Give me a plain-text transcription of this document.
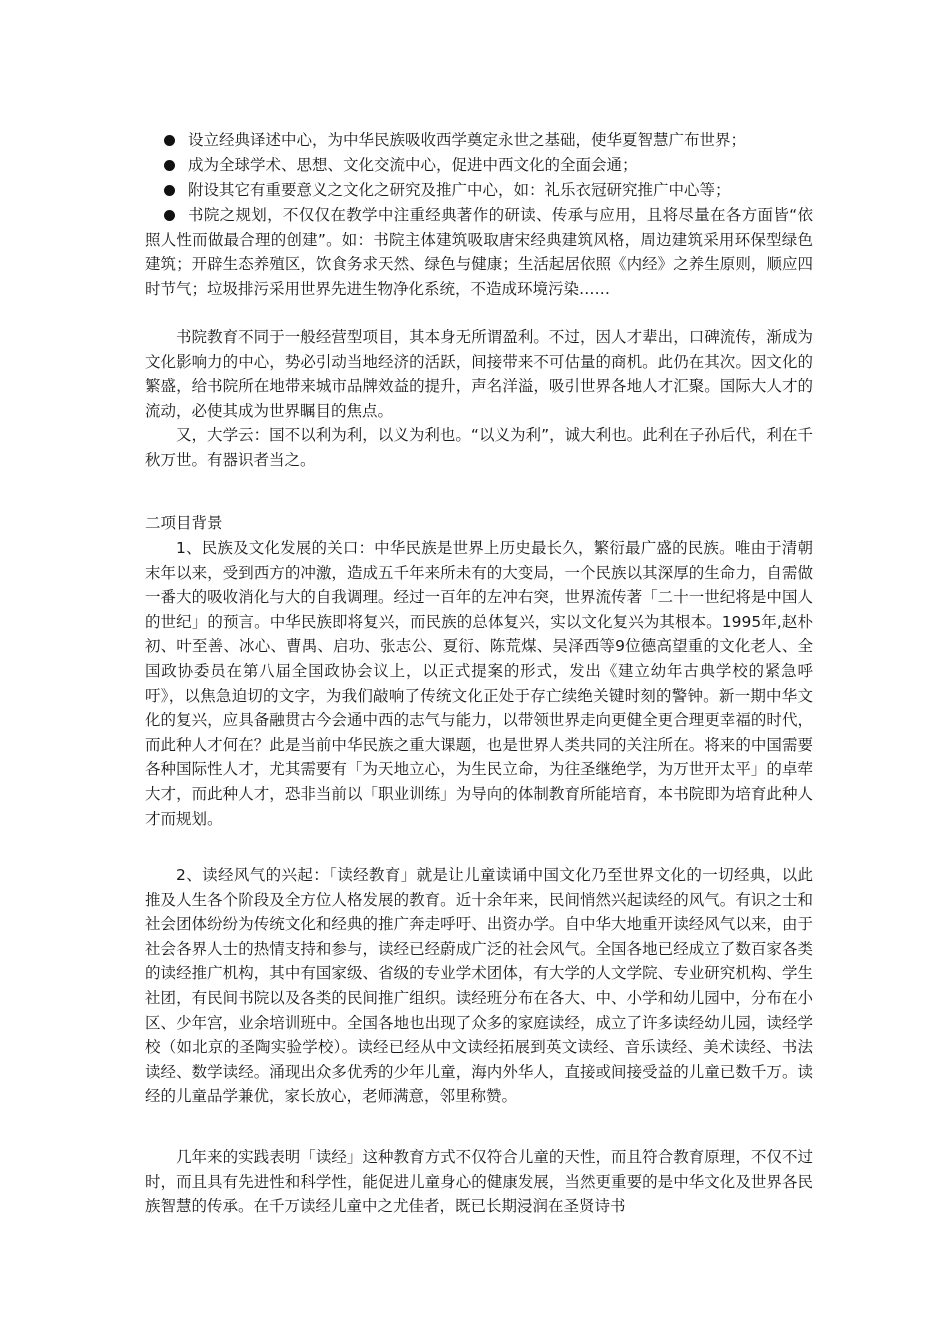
设立经典译述中心，为中华民族吸收西学奠定永世之基础，使华夏智慧广布世界；
成为全球学术、思想、文化交流中心，促进中西文化的全面会通；
附设其它有重要意义之文化之研究及推广中心，如：礼乐衣冠研究推广中心等；

书院之规划，不仅仅在教学中注重经典著作的研读、传承与应用，且将尽量在各方面皆“依照人性而做最合理的创建”。如：书院主体建筑吸取唐宋经典建筑风格，周边建筑采用环保型绿色建筑；开辟生态养殖区，饮食务求天然、绿色与健康；生活起居依照《内经》之养生原则，顺应四时节气；垃圾排污采用世界先进生物净化系统，不造成环境污染……

书院教育不同于一般经营型项目，其本身无所谓盈利。不过，因人才辈出，口碑流传，渐成为文化影响力的中心，势必引动当地经济的活跃，间接带来不可估量的商机。此仍在其次。因文化的繁盛，给书院所在地带来城市品牌效益的提升，声名洋溢，吸引世界各地人才汇聚。国际大人才的流动，必使其成为世界瞩目的焦点。

又，大学云：国不以利为利，以义为利也。“以义为利”，诚大利也。此利在子孙后代，利在千秋万世。有器识者当之。

二项目背景

1、民族及文化发展的关口：中华民族是世界上历史最长久，繁衍最广盛的民族。唯由于清朝末年以来，受到西方的冲激，造成五千年来所未有的大变局，一个民族以其深厚的生命力，自需做一番大的吸收消化与大的自我调理。经过一百年的左冲右突，世界流传著「二十一世纪将是中国人的世纪」的预言。中华民族即将复兴，而民族的总体复兴，实以文化复兴为其根本。1995年,赵朴初、叶至善、冰心、曹禺、启功、张志公、夏衍、陈荒煤、吴泽西等9位德高望重的文化老人、全国政协委员在第八届全国政协会议上，以正式提案的形式，发出《建立幼年古典学校的紧急呼吁》，以焦急迫切的文字，为我们敲响了传统文化正处于存亡续绝关键时刻的警钟。新一期中华文化的复兴，应具备融贯古今会通中西的志气与能力，以带领世界走向更健全更合理更幸福的时代，而此种人才何在？此是当前中华民族之重大课题，也是世界人类共同的关注所在。将来的中国需要各种国际性人才，尤其需要有「为天地立心，为生民立命，为往圣继绝学，为万世开太平」的卓荦大才，而此种人才，恐非当前以「职业训练」为导向的体制教育所能培育，本书院即为培育此种人才而规划。

2、读经风气的兴起：「读经教育」就是让儿童读诵中国文化乃至世界文化的一切经典，以此推及人生各个阶段及全方位人格发展的教育。近十余年来，民间悄然兴起读经的风气。有识之士和社会团体纷纷为传统文化和经典的推广奔走呼吁、出资办学。自中华大地重开读经风气以来，由于社会各界人士的热情支持和参与，读经已经蔚成广泛的社会风气。全国各地已经成立了数百家各类的读经推广机构，其中有国家级、省级的专业学术团体，有大学的人文学院、专业研究机构、学生社团，有民间书院以及各类的民间推广组织。读经班分布在各大、中、小学和幼儿园中，分布在小区、少年宫，业余培训班中。全国各地也出现了众多的家庭读经，成立了许多读经幼儿园，读经学校（如北京的圣陶实验学校）。读经已经从中文读经拓展到英文读经、音乐读经、美术读经、书法读经、数学读经。涌现出众多优秀的少年儿童，海内外华人，直接或间接受益的儿童已数千万。读经的儿童品学兼优，家长放心，老师满意，邻里称赞。

几年来的实践表明「读经」这种教育方式不仅符合儿童的天性，而且符合教育原理，不仅不过时，而且具有先进性和科学性，能促进儿童身心的健康发展，当然更重要的是中华文化及世界各民族智慧的传承。在千万读经儿童中之尤佳者，既已长期浸润在圣贤诗书
